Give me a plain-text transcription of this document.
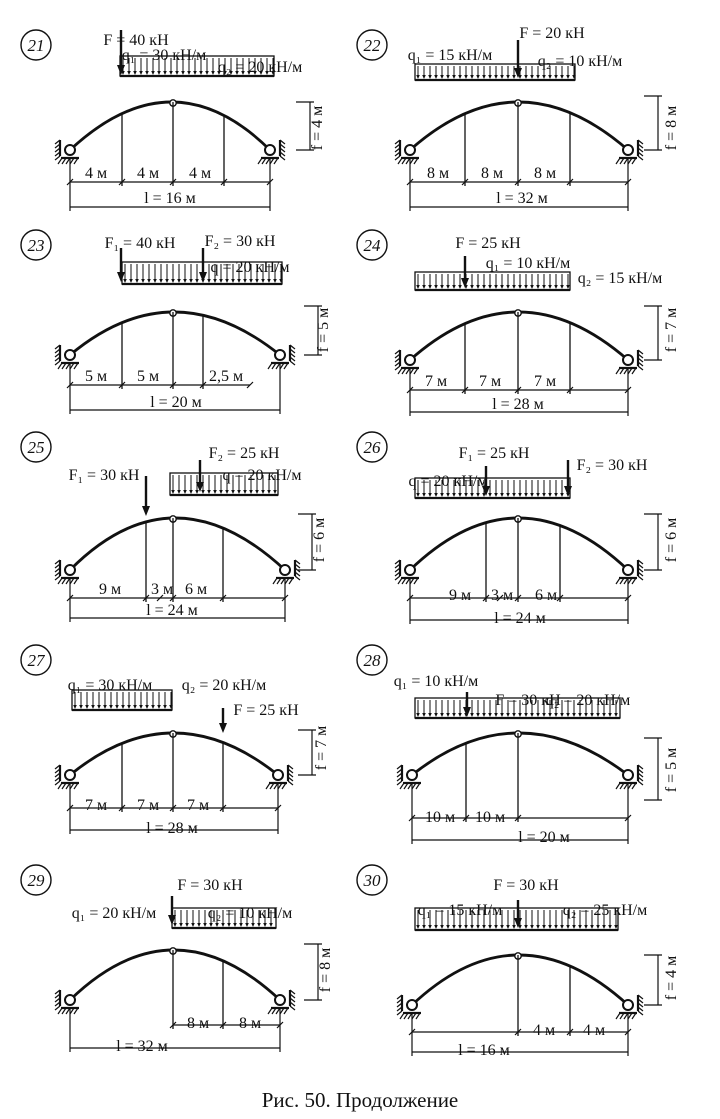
21	F = 40 кН
q₁ = 30 кН/м
q₂ = 20 кН/м
f = 4 м
4 м 4 м 4 м
l = 16 м
22
F = 20 кН
q₁ = 15 кН/м	q₂ = 10 кН/м
f = 8 м
8 м 8 м 8 м
l = 32 м
23	F₁ = 40 кН F₂ = 30 кН
q = 20 кН/м
f = 5 м
5 м 5 м	2,5 м
l = 20 м
24	F = 25 кН
q₁ = 10 кН/м
q₂ = 15 кН/м
f = 7 м
7 м 7 м 7 м
l = 28 м
25
F₁ = 30 кН
F₂ = 25 кН
q = 20 кН/м
f = 6 м
9 м 3 м 6 м
l = 24 м
26	F₁ = 25 кН
F₂ = 30 кН
q = 20 кН/м
f = 6 м
9 м 3 м 6 м
l = 24 м
27
q₁ = 30 кН/м q₂ = 20 кН/м
F = 25 кН
f = 7 м
7 м 7 м 7 м
l = 28 м
28
q₁ = 10 кН/м
F = 30 кН
q₂ = 20 кН/м
f = 5 м
10 м 10 м
l = 20 м
29	F = 30 кН
q₁ = 20 кН/м	q₂ = 10 кН/м
f = 8 м
8 м 8 м
l = 32 м
30	F = 30 кН
q₁ = 15 кН/м	q₂ = 25 кН/м
f = 4 м
4 м 4 м
l = 16 м
Рис. 50. Продолжение
